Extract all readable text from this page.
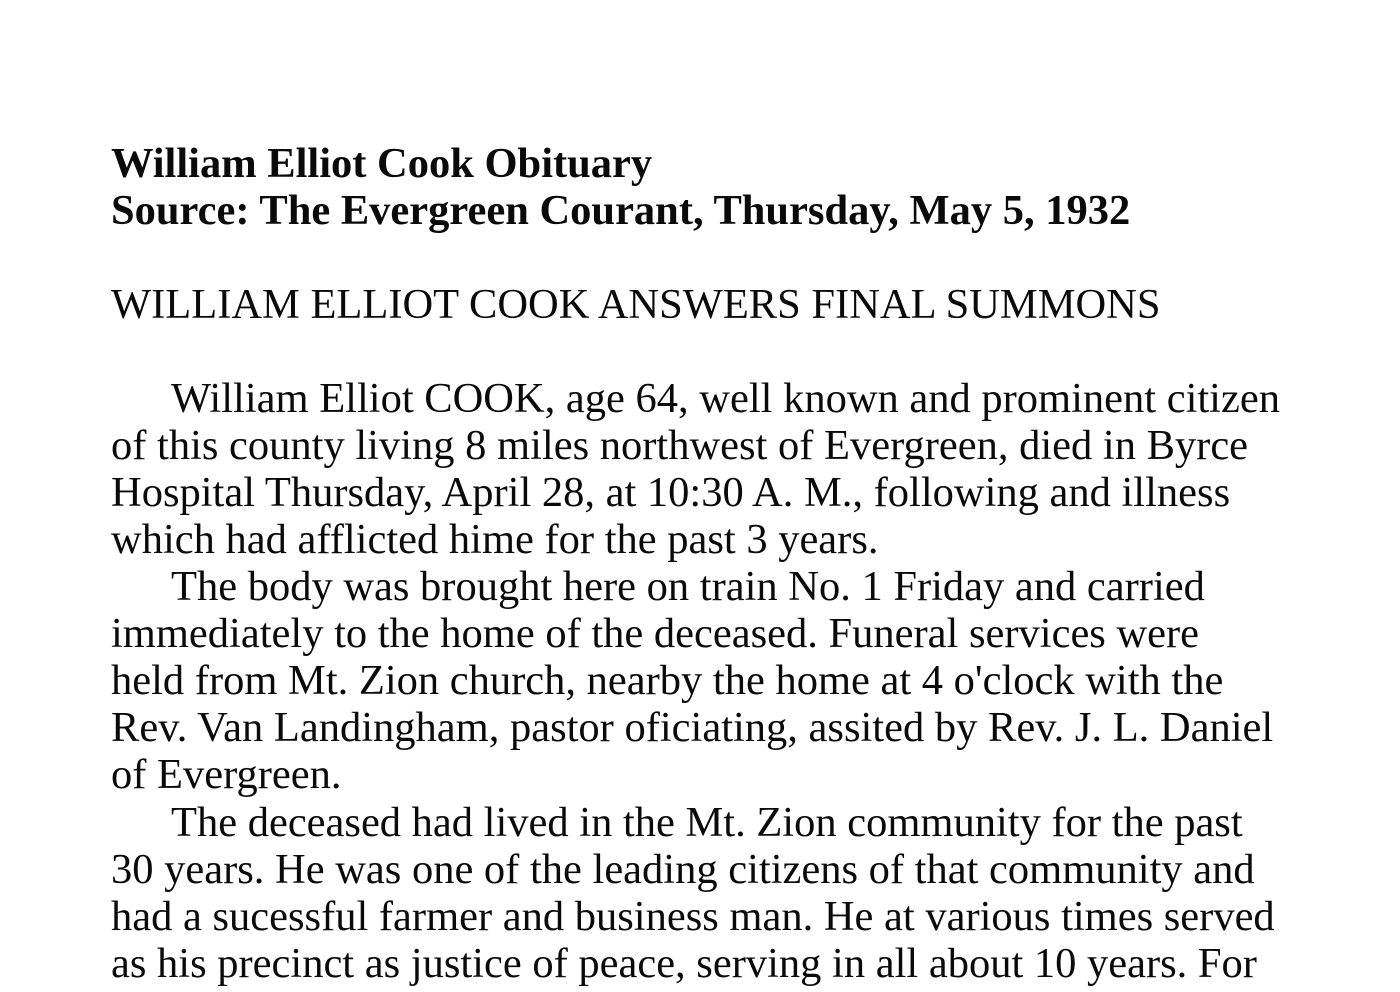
William Elliot Cook Obituary
Source: The Evergreen Courant, Thursday, May 5, 1932
WILLIAM ELLIOT COOK ANSWERS FINAL SUMMONS
William Elliot COOK, age 64, well known and prominent citizen
of this county living 8 miles northwest of Evergreen, died in Byrce
Hospital Thursday, April 28, at 10:30 A. M., following and illness
which had afflicted hime for the past 3 years.
The body was brought here on train No. 1 Friday and carried
immediately to the home of the deceased. Funeral services were
held from Mt. Zion church, nearby the home at 4 o'clock with the
Rev. Van Landingham, pastor oficiating, assited by Rev. J. L. Daniel
of Evergreen.
The deceased had lived in the Mt. Zion community for the past
30 years. He was one of the leading citizens of that community and
had a sucessful farmer and business man. He at various times served
as his precinct as justice of peace, serving in all about 10 years. For
